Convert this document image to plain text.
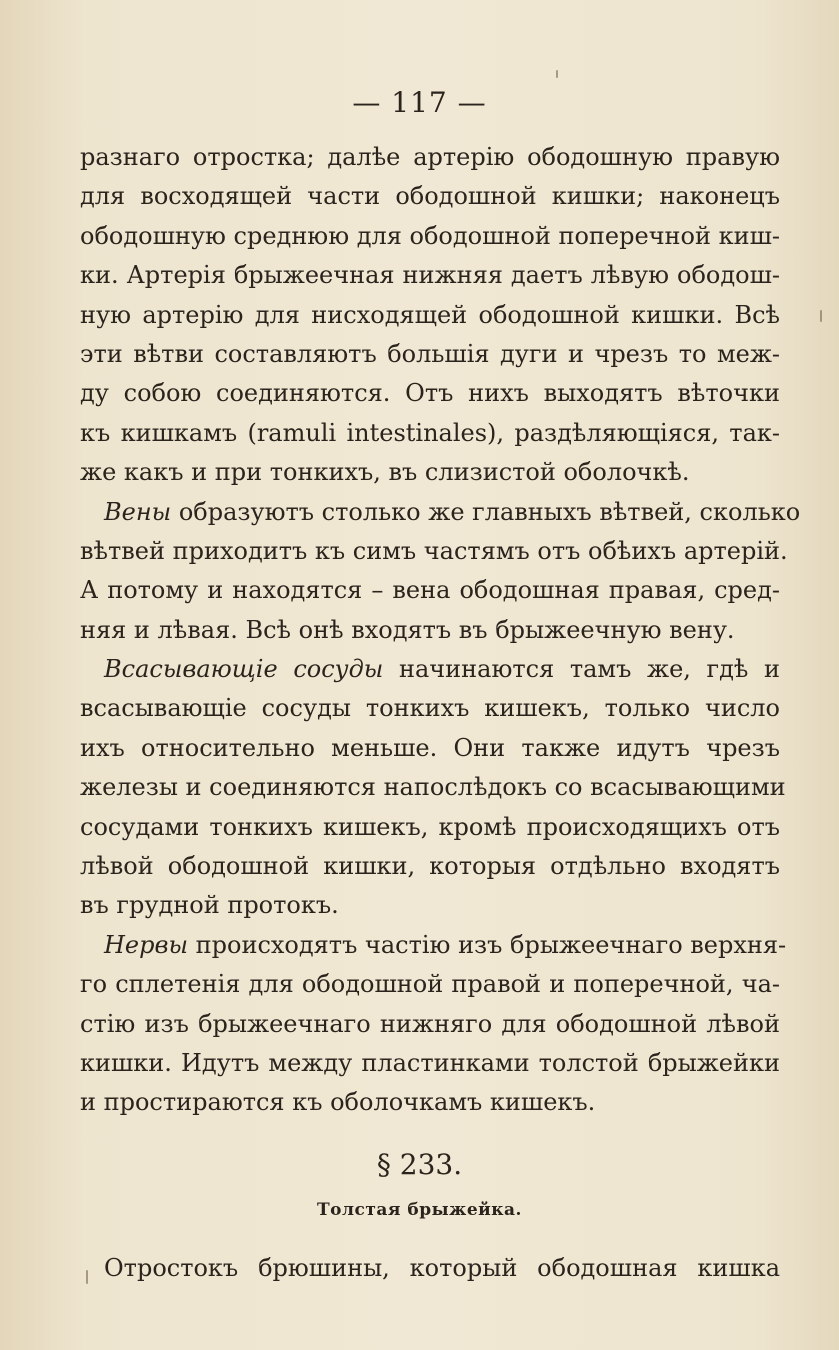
— 117 —
разнаго отростка; далѣе артерію ободошную правую
для восходящей части ободошной кишки; наконецъ
ободошную среднюю для ободошной поперечной киш-
ки. Артерія брыжеечная нижняя даетъ лѣвую ободош-
ную артерію для нисходящей ободошной кишки. Всѣ
эти вѣтви составляютъ большія дуги и чрезъ то меж-
ду собою соединяются. Отъ нихъ выходятъ вѣточки
къ кишкамъ (ramuli intestinales), раздѣляющіяся, так-
же какъ и при тонкихъ, въ слизистой оболочкѣ.
Вены образуютъ столько же главныхъ вѣтвей, сколько
вѣтвей приходитъ къ симъ частямъ отъ обѣихъ артерій.
А потому и находятся – вена ободошная правая, сред-
няя и лѣвая. Всѣ онѣ входятъ въ брыжеечную вену.
Всасывающіе сосуды начинаются тамъ же, гдѣ и
всасывающіе сосуды тонкихъ кишекъ, только число
ихъ относительно меньше. Они также идутъ чрезъ
железы и соединяются напослѣдокъ со всасывающими
сосудами тонкихъ кишекъ, кромѣ происходящихъ отъ
лѣвой ободошной кишки, которыя отдѣльно входятъ
въ грудной протокъ.
Нервы происходятъ частію изъ брыжеечнаго верхня-
го сплетенія для ободошной правой и поперечной, ча-
стію изъ брыжеечнаго нижняго для ободошной лѣвой
кишки. Идутъ между пластинками толстой брыжейки
и простираются къ оболочкамъ кишекъ.
§ 233.
Толстая брыжейка.
Отростокъ брюшины, который ободошная кишка
